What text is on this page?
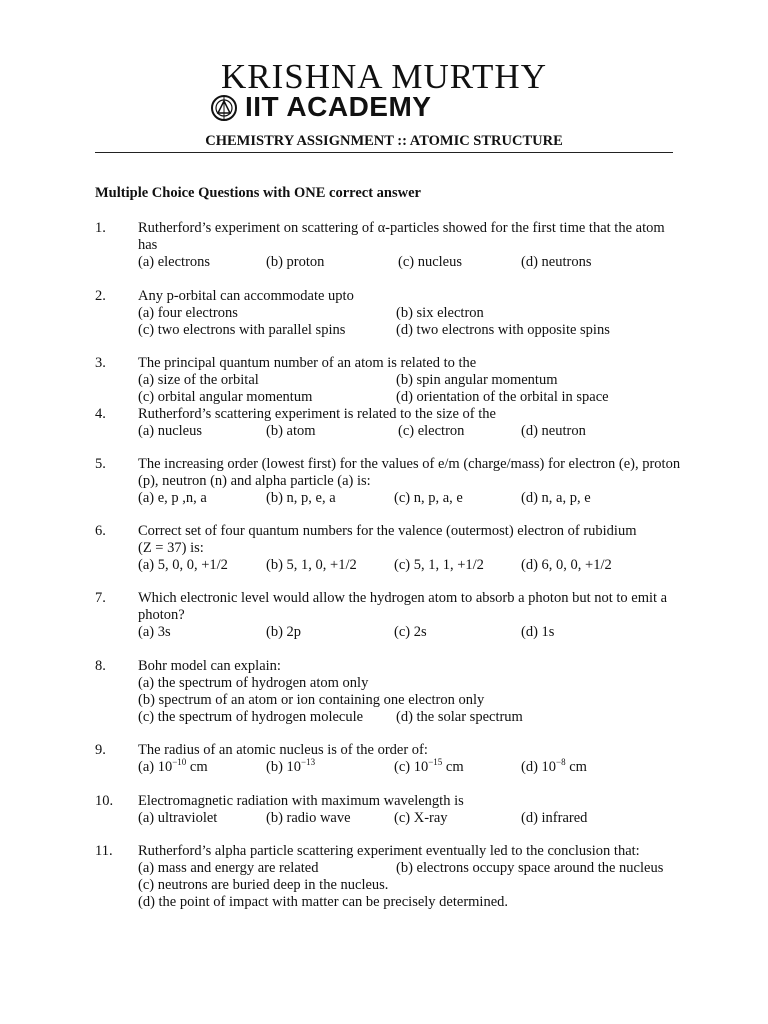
KRISHNA MURTHY
IIT ACADEMY
CHEMISTRY ASSIGNMENT :: ATOMIC STRUCTURE
Multiple Choice Questions with ONE correct answer
1. Rutherford’s experiment on scattering of α-particles showed for the first time that the atom
has
(a) electrons	(b) proton	(c) nucleus	(d) neutrons
2. Any p-orbital can accommodate upto
(a) four electrons	(b) six electron
(c) two electrons with parallel spins	(d) two electrons with opposite spins
3. The principal quantum number of an atom is related to the
(a) size of the orbital	(b) spin angular momentum
(c) orbital angular momentum	(d) orientation of the orbital in space
4. Rutherford’s scattering experiment is related to the size of the
(a) nucleus	(b) atom	(c) electron	(d) neutron
5. The increasing order (lowest first) for the values of e/m (charge/mass) for electron (e), proton
(p), neutron (n) and alpha particle (a) is:
(a) e, p ,n, a	(b) n, p, e, a	(c) n, p, a, e	(d) n, a, p, e
6. Correct set of four quantum numbers for the valence (outermost) electron of rubidium
(Z = 37) is:
(a) 5, 0, 0, +1/2	(b) 5, 1, 0, +1/2	(c) 5, 1, 1, +1/2	(d) 6, 0, 0, +1/2
7. Which electronic level would allow the hydrogen atom to absorb a photon but not to emit a
photon?
(a) 3s	(b) 2p	(c) 2s	(d) 1s
8. Bohr model can explain:
(a) the spectrum of hydrogen atom only
(b) spectrum of an atom or ion containing one electron only
(c) the spectrum of hydrogen molecule (d) the solar spectrum
9. The radius of an atomic nucleus is of the order of:
(a) $10^{-10}$ cm	(b) $10^{-13}$	(c) $10^{-15}$ cm	(d) $10^{-8}$ cm
10. Electromagnetic radiation with maximum wavelength is
(a) ultraviolet	(b) radio wave	(c) X-ray	(d) infrared
11. Rutherford’s alpha particle scattering experiment eventually led to the conclusion that:
(a) mass and energy are related	(b) electrons occupy space around the nucleus
(c) neutrons are buried deep in the nucleus.
(d) the point of impact with matter can be precisely determined.
